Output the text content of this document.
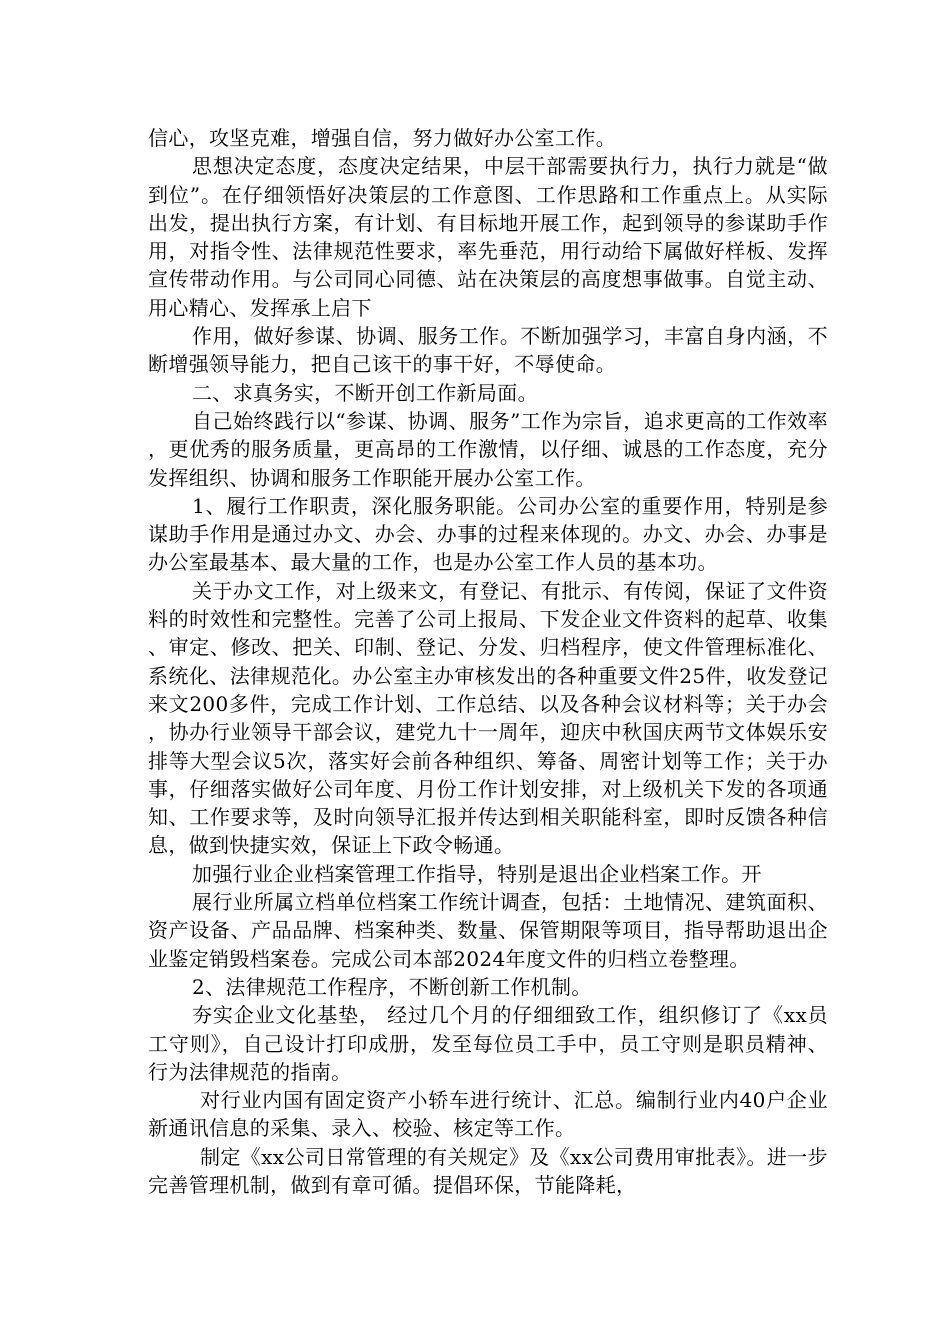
信心，攻坚克难，增强自信，努力做好办公室工作。

思想决定态度，态度决定结果，中层干部需要执行力，执行力就是“做到位”。在仔细领悟好决策层的工作意图、工作思路和工作重点上。从实际出发，提出执行方案，有计划、有目标地开展工作，起到领导的参谋助手作用，对指令性、法律规范性要求，率先垂范，用行动给下属做好样板、发挥宣传带动作用。与公司同心同德、站在决策层的高度想事做事。自觉主动、用心精心、发挥承上启下

作用，做好参谋、协调、服务工作。不断加强学习，丰富自身内涵，不断增强领导能力，把自己该干的事干好，不辱使命。

二、求真务实，不断开创工作新局面。

自己始终践行以“参谋、协调、服务”工作为宗旨，追求更高的工作效率，更优秀的服务质量，更高昂的工作激情，以仔细、诚恳的工作态度，充分发挥组织、协调和服务工作职能开展办公室工作。

1、履行工作职责，深化服务职能。公司办公室的重要作用，特别是参谋助手作用是通过办文、办会、办事的过程来体现的。办文、办会、办事是办公室最基本、最大量的工作，也是办公室工作人员的基本功。

关于办文工作，对上级来文，有登记、有批示、有传阅，保证了文件资料的时效性和完整性。完善了公司上报局、下发企业文件资料的起草、收集、审定、修改、把关、印制、登记、分发、归档程序，使文件管理标准化、系统化、法律规范化。办公室主办审核发出的各种重要文件25件，收发登记来文200多件，完成工作计划、工作总结、以及各种会议材料等；关于办会，协办行业领导干部会议，建党九十一周年，迎庆中秋国庆两节文体娱乐安排等大型会议5次，落实好会前各种组织、筹备、周密计划等工作；关于办事，仔细落实做好公司年度、月份工作计划安排，对上级机关下发的各项通知、工作要求等，及时向领导汇报并传达到相关职能科室，即时反馈各种信息，做到快捷实效，保证上下政令畅通。

加强行业企业档案管理工作指导，特别是退出企业档案工作。开

展行业所属立档单位档案工作统计调查，包括：土地情况、建筑面积、资产设备、产品品牌、档案种类、数量、保管期限等项目，指导帮助退出企业鉴定销毁档案卷。完成公司本部2024年度文件的归档立卷整理。

2、法律规范工作程序，不断创新工作机制。

夯实企业文化基垫， 经过几个月的仔细细致工作，组织修订了《xx员工守则》，自己设计打印成册，发至每位员工手中，员工守则是职员精神、行为法律规范的指南。

对行业内国有固定资产小轿车进行统计、汇总。编制行业内40户企业新通讯信息的采集、录入、校验、核定等工作。

制定《xx公司日常管理的有关规定》及《xx公司费用审批表》。进一步完善管理机制，做到有章可循。提倡环保，节能降耗，
